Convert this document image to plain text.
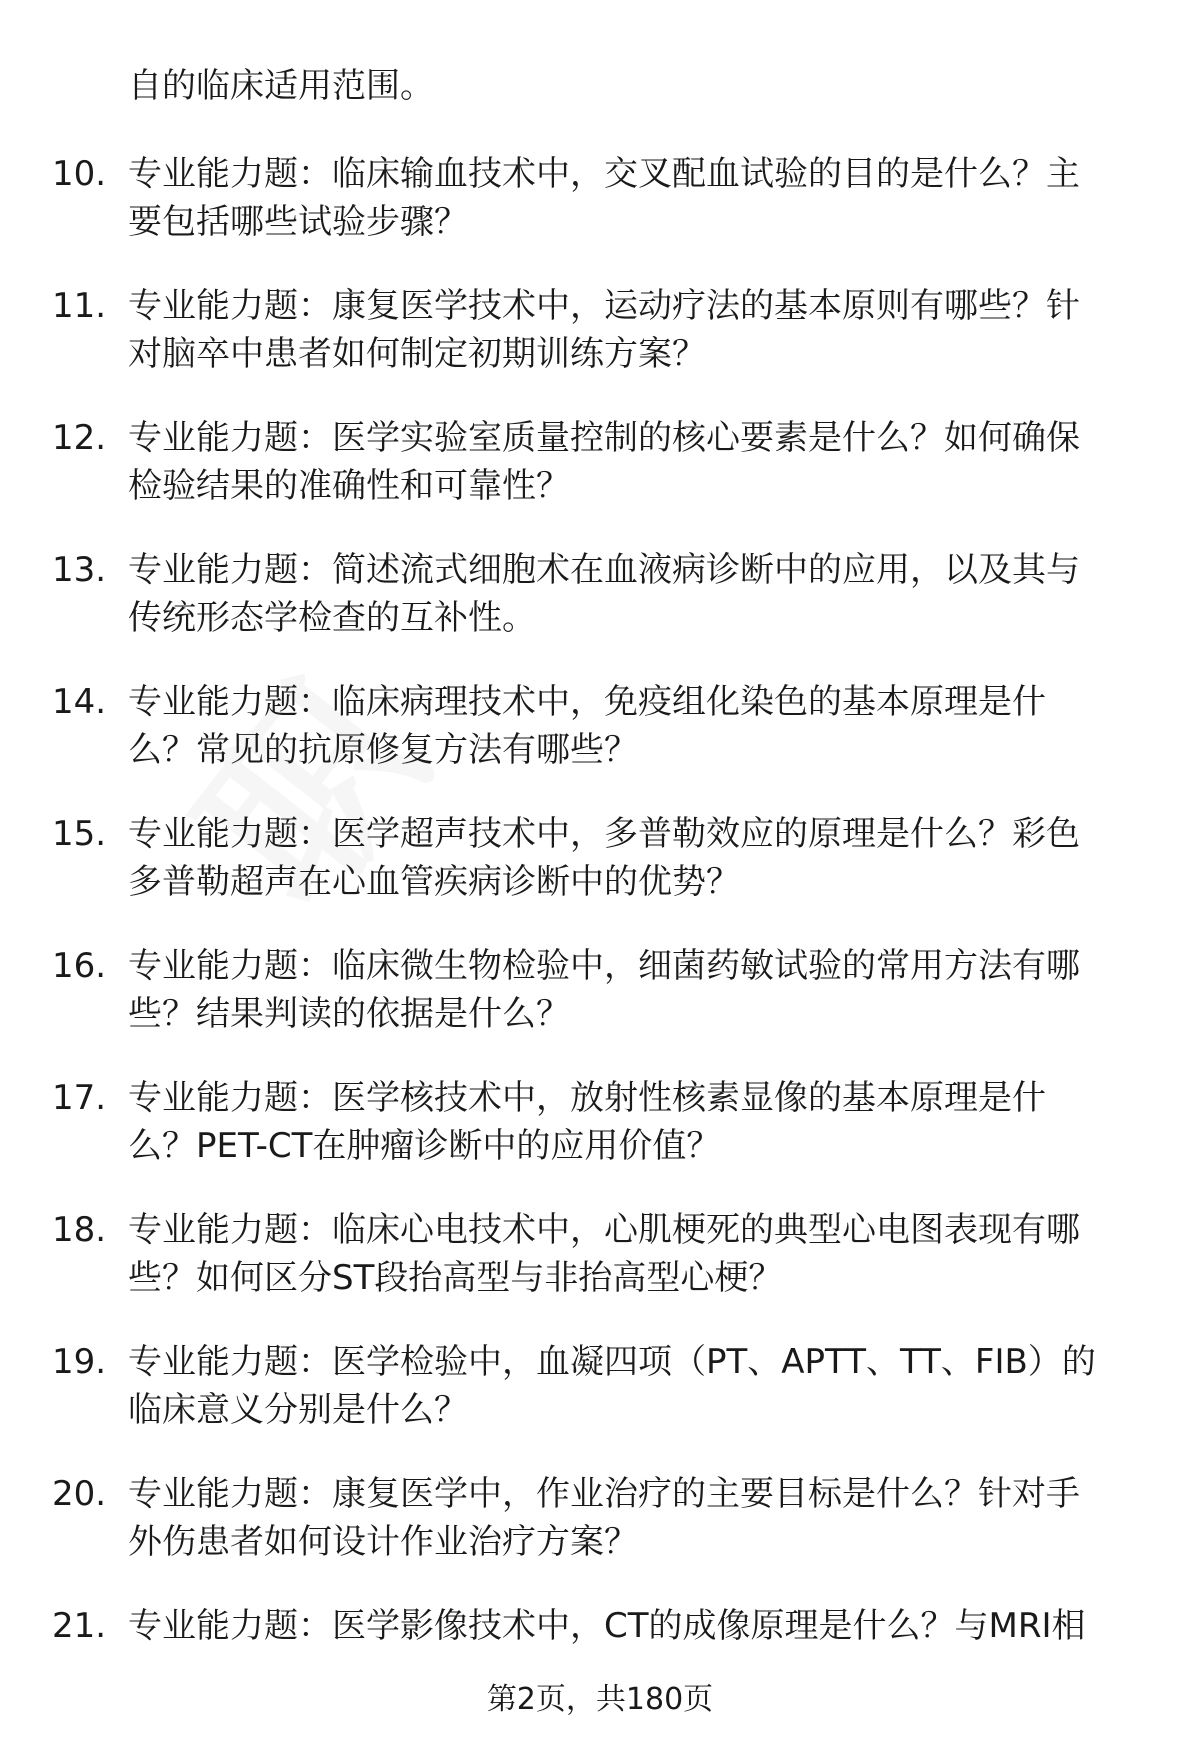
自的临床适用范围。
10. 专业能力题：临床输血技术中，交叉配血试验的目的是什么？主
要包括哪些试验步骤？
11. 专业能力题：康复医学技术中，运动疗法的基本原则有哪些？针
对脑卒中患者如何制定初期训练方案？
12. 专业能力题：医学实验室质量控制的核心要素是什么？如何确保
检验结果的准确性和可靠性？
13. 专业能力题：简述流式细胞术在血液病诊断中的应用，以及其与
传统形态学检查的互补性。
14. 专业能力题：临床病理技术中，免疫组化染色的基本原理是什
么？常见的抗原修复方法有哪些？
15. 专业能力题：医学超声技术中，多普勒效应的原理是什么？彩色
多普勒超声在心血管疾病诊断中的优势？
16. 专业能力题：临床微生物检验中，细菌药敏试验的常用方法有哪
些？结果判读的依据是什么？
17. 专业能力题：医学核技术中，放射性核素显像的基本原理是什
么？PET-CT在肿瘤诊断中的应用价值？
18. 专业能力题：临床心电技术中，心肌梗死的典型心电图表现有哪
些？如何区分ST段抬高型与非抬高型心梗？
19. 专业能力题：医学检验中，血凝四项（PT、APTT、TT、FIB）的
临床意义分别是什么？
20. 专业能力题：康复医学中，作业治疗的主要目标是什么？针对手
外伤患者如何设计作业治疗方案？
21. 专业能力题：医学影像技术中，CT的成像原理是什么？与MRI相
第2页，共180页
